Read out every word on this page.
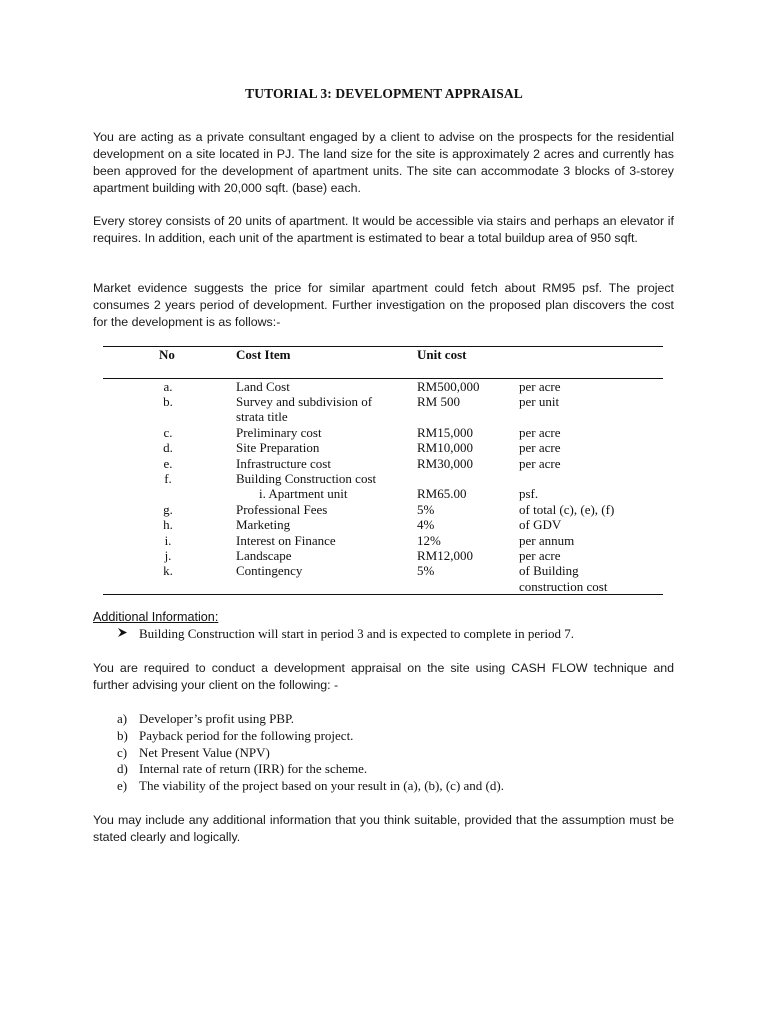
TUTORIAL 3: DEVELOPMENT APPRAISAL
You are acting as a private consultant engaged by a client to advise on the prospects for the residential development on a site located in PJ. The land size for the site is approximately 2 acres and currently has been approved for the development of apartment units. The site can accommodate 3 blocks of 3-storey apartment building with 20,000 sqft. (base) each.
Every storey consists of 20 units of apartment. It would be accessible via stairs and perhaps an elevator if requires. In addition, each unit of the apartment is estimated to bear a total buildup area of 950 sqft.
Market evidence suggests the price for similar apartment could fetch about RM95 psf. The project consumes 2 years period of development. Further investigation on the proposed plan discovers the cost for the development is as follows:-
No	Cost Item	Unit cost
a.	Land Cost	RM500,000	per acre
b.	Survey and subdivision of	RM 500	per unit
strata title
c.	Preliminary cost	RM15,000	per acre
d.	Site Preparation	RM10,000	per acre
e.	Infrastructure cost	RM30,000	per acre
f.	Building Construction cost
i. Apartment unit	RM65.00	psf.
g.	Professional Fees	5%	of total (c), (e), (f)
h.	Marketing	4%	of GDV
i.	Interest on Finance	12%	per annum
j.	Landscape	RM12,000	per acre
k.	Contingency	5%	of Building
construction cost
Additional Information:
Building Construction will start in period 3 and is expected to complete in period 7.
You are required to conduct a development appraisal on the site using CASH FLOW technique and further advising your client on the following: -
a) Developer’s profit using PBP.
b) Payback period for the following project.
c) Net Present Value (NPV)
d) Internal rate of return (IRR) for the scheme.
e) The viability of the project based on your result in (a), (b), (c) and (d).
You may include any additional information that you think suitable, provided that the assumption must be stated clearly and logically.
